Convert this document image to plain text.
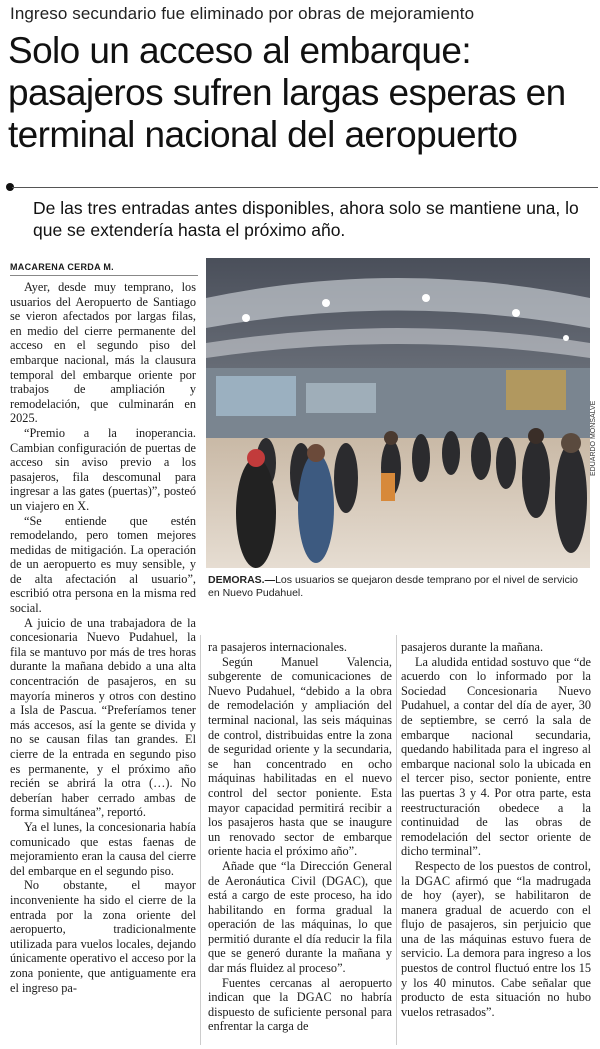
Ingreso secundario fue eliminado por obras de mejoramiento
Solo un acceso al embarque:
pasajeros sufren largas esperas en
terminal nacional del aeropuerto
De las tres entradas antes disponibles, ahora solo se mantiene una, lo que se extendería hasta el próximo año.
MACARENA CERDA M.

Ayer, desde muy temprano, los usuarios del Aeropuerto de Santiago se vieron afectados por largas filas, en medio del cierre permanente del acceso en el segundo piso del embarque nacional, más la clausura temporal del embarque oriente por trabajos de ampliación y remodelación, que culminarán en 2025.

“Premio a la inoperancia. Cambian configuración de puertas de acceso sin aviso previo a los pasajeros, fila descomunal para ingresar a las gates (puertas)”, posteó un viajero en X.

“Se entiende que estén remodelando, pero tomen mejores medidas de mitigación. La operación de un aeropuerto es muy sensible, y de alta afectación al usuario”, escribió otra persona en la misma red social.

A juicio de una trabajadora de la concesionaria Nuevo Pudahuel, la fila se mantuvo por más de tres horas durante la mañana debido a una alta concentración de pasajeros, en su mayoría mineros y otros con destino a Isla de Pascua. “Preferíamos tener más accesos, así la gente se divida y no se causan filas tan grandes. El cierre de la entrada en segundo piso es permanente, y el próximo año recién se abrirá la otra (…). No deberían haber cerrado ambas de forma simultánea”, reportó.

Ya el lunes, la concesionaria había comunicado que estas faenas de mejoramiento eran la causa del cierre del embarque en el segundo piso.

No obstante, el mayor inconveniente ha sido el cierre de la entrada por la zona oriente del aeropuerto, tradicionalmente utilizada para vuelos locales, dejando únicamente operativo el acceso por la zona poniente, que antiguamente era el ingreso pa-

EDUARDO MONSALVE
DEMORAS.—Los usuarios se quejaron desde temprano por el nivel de servicio en Nuevo Pudahuel.

ra pasajeros internacionales.

Según Manuel Valencia, subgerente de comunicaciones de Nuevo Pudahuel, “debido a la obra de remodelación y ampliación del terminal nacional, las seis máquinas de control, distribuidas entre la zona de seguridad oriente y la secundaria, se han concentrado en ocho máquinas habilitadas en el nuevo control del sector poniente. Esta mayor capacidad permitirá recibir a los pasajeros hasta que se inaugure un renovado sector de embarque oriente hacia el próximo año”.

Añade que “la Dirección General de Aeronáutica Civil (DGAC), que está a cargo de este proceso, ha ido habilitando en forma gradual la operación de las máquinas, lo que permitió durante el día reducir la fila que se generó durante la mañana y dar más fluidez al proceso”.

Fuentes cercanas al aeropuerto indican que la DGAC no habría dispuesto de suficiente personal para enfrentar la carga de

pasajeros durante la mañana.

La aludida entidad sostuvo que “de acuerdo con lo informado por la Sociedad Concesionaria Nuevo Pudahuel, a contar del día de ayer, 30 de septiembre, se cerró la sala de embarque nacional secundaria, quedando habilitada para el ingreso al embarque nacional solo la ubicada en el tercer piso, sector poniente, entre las puertas 3 y 4. Por otra parte, esta reestructuración obedece a la continuidad de las obras de remodelación del sector oriente de dicho terminal”.

Respecto de los puestos de control, la DGAC afirmó que “la madrugada de hoy (ayer), se habilitaron de manera gradual de acuerdo con el flujo de pasajeros, sin perjuicio que una de las máquinas estuvo fuera de servicio. La demora para ingreso a los puestos de control fluctuó entre los 15 y los 40 minutos. Cabe señalar que producto de esta situación no hubo vuelos retrasados”.
